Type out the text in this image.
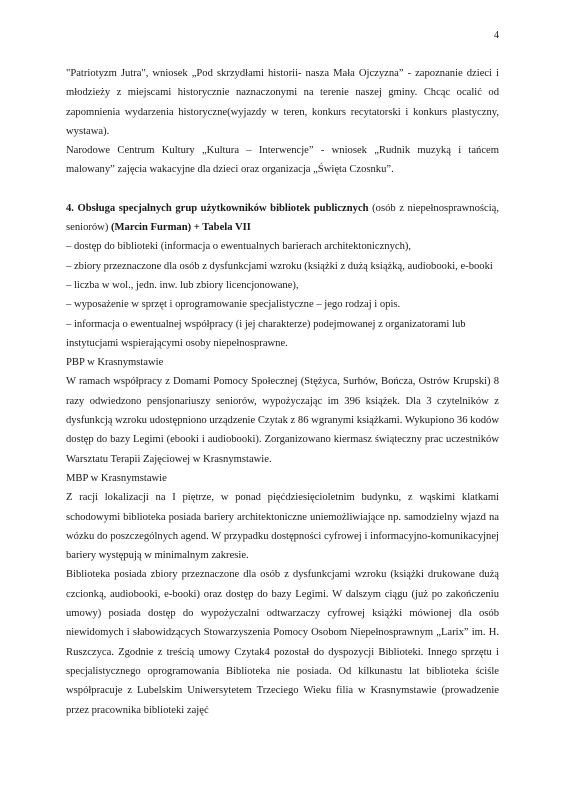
4

"Patriotyzm Jutra", wniosek „Pod skrzydłami historii- nasza Mała Ojczyzna” - zapoznanie dzieci i młodzieży z miejscami historycznie naznaczonymi na terenie naszej gminy. Chcąc ocalić od zapomnienia wydarzenia historyczne(wyjazdy w teren, konkurs recytatorski i konkurs plastyczny, wystawa).

Narodowe Centrum Kultury „Kultura – Interwencje” - wniosek „Rudnik muzyką i tańcem malowany” zajęcia wakacyjne dla dzieci oraz organizacja „Święta Czosnku”.

4. Obsługa specjalnych grup użytkowników bibliotek publicznych (osób z niepełnosprawnością, seniorów) (Marcin Furman) + Tabela VII

– dostęp do biblioteki (informacja o ewentualnych barierach architektonicznych),

– zbiory przeznaczone dla osób z dysfunkcjami wzroku (książki z dużą książką, audiobooki, e-booki – liczba w wol., jedn. inw. lub zbiory licencjonowane),

– wyposażenie w sprzęt i oprogramowanie specjalistyczne – jego rodzaj i opis.

– informacja o ewentualnej współpracy (i jej charakterze) podejmowanej z organizatorami lub instytucjami wspierającymi osoby niepełnosprawne.

PBP w Krasnymstawie

W ramach współpracy z Domami Pomocy Społecznej (Stężyca, Surhów, Bończa, Ostrów Krupski) 8 razy odwiedzono pensjonariuszy seniorów, wypożyczając im 396 książek. Dla 3 czytelników z dysfunkcją wzroku udostępniono urządzenie Czytak z 86 wgranymi książkami. Wykupiono 36 kodów dostęp do bazy Legimi (ebooki i audiobooki). Zorganizowano kiermasz świąteczny prac uczestników Warsztatu Terapii Zajęciowej w Krasnymstawie.

MBP w Krasnymstawie

Z racji lokalizacji na I piętrze, w ponad pięćdziesięcioletnim budynku, z wąskimi klatkami schodowymi biblioteka posiada bariery architektoniczne uniemożliwiające np. samodzielny wjazd na wózku do poszczególnych agend. W przypadku dostępności cyfrowej i informacyjno-komunikacyjnej bariery występują w minimalnym zakresie.

Biblioteka posiada zbiory przeznaczone dla osób z dysfunkcjami wzroku (książki drukowane dużą czcionką, audiobooki, e-booki) oraz dostęp do bazy Legimi. W dalszym ciągu (już po zakończeniu umowy) posiada dostęp do wypożyczalni odtwarzaczy cyfrowej książki mówionej dla osób niewidomych i słabowidzących Stowarzyszenia Pomocy Osobom Niepełnosprawnym „Larix” im. H. Ruszczyca. Zgodnie z treścią umowy Czytak4 pozostał do dyspozycji Biblioteki. Innego sprzętu i specjalistycznego oprogramowania Biblioteka nie posiada. Od kilkunastu lat biblioteka ściśle współpracuje z Lubelskim Uniwersytetem Trzeciego Wieku filia w Krasnymstawie (prowadzenie przez pracownika biblioteki zajęć
